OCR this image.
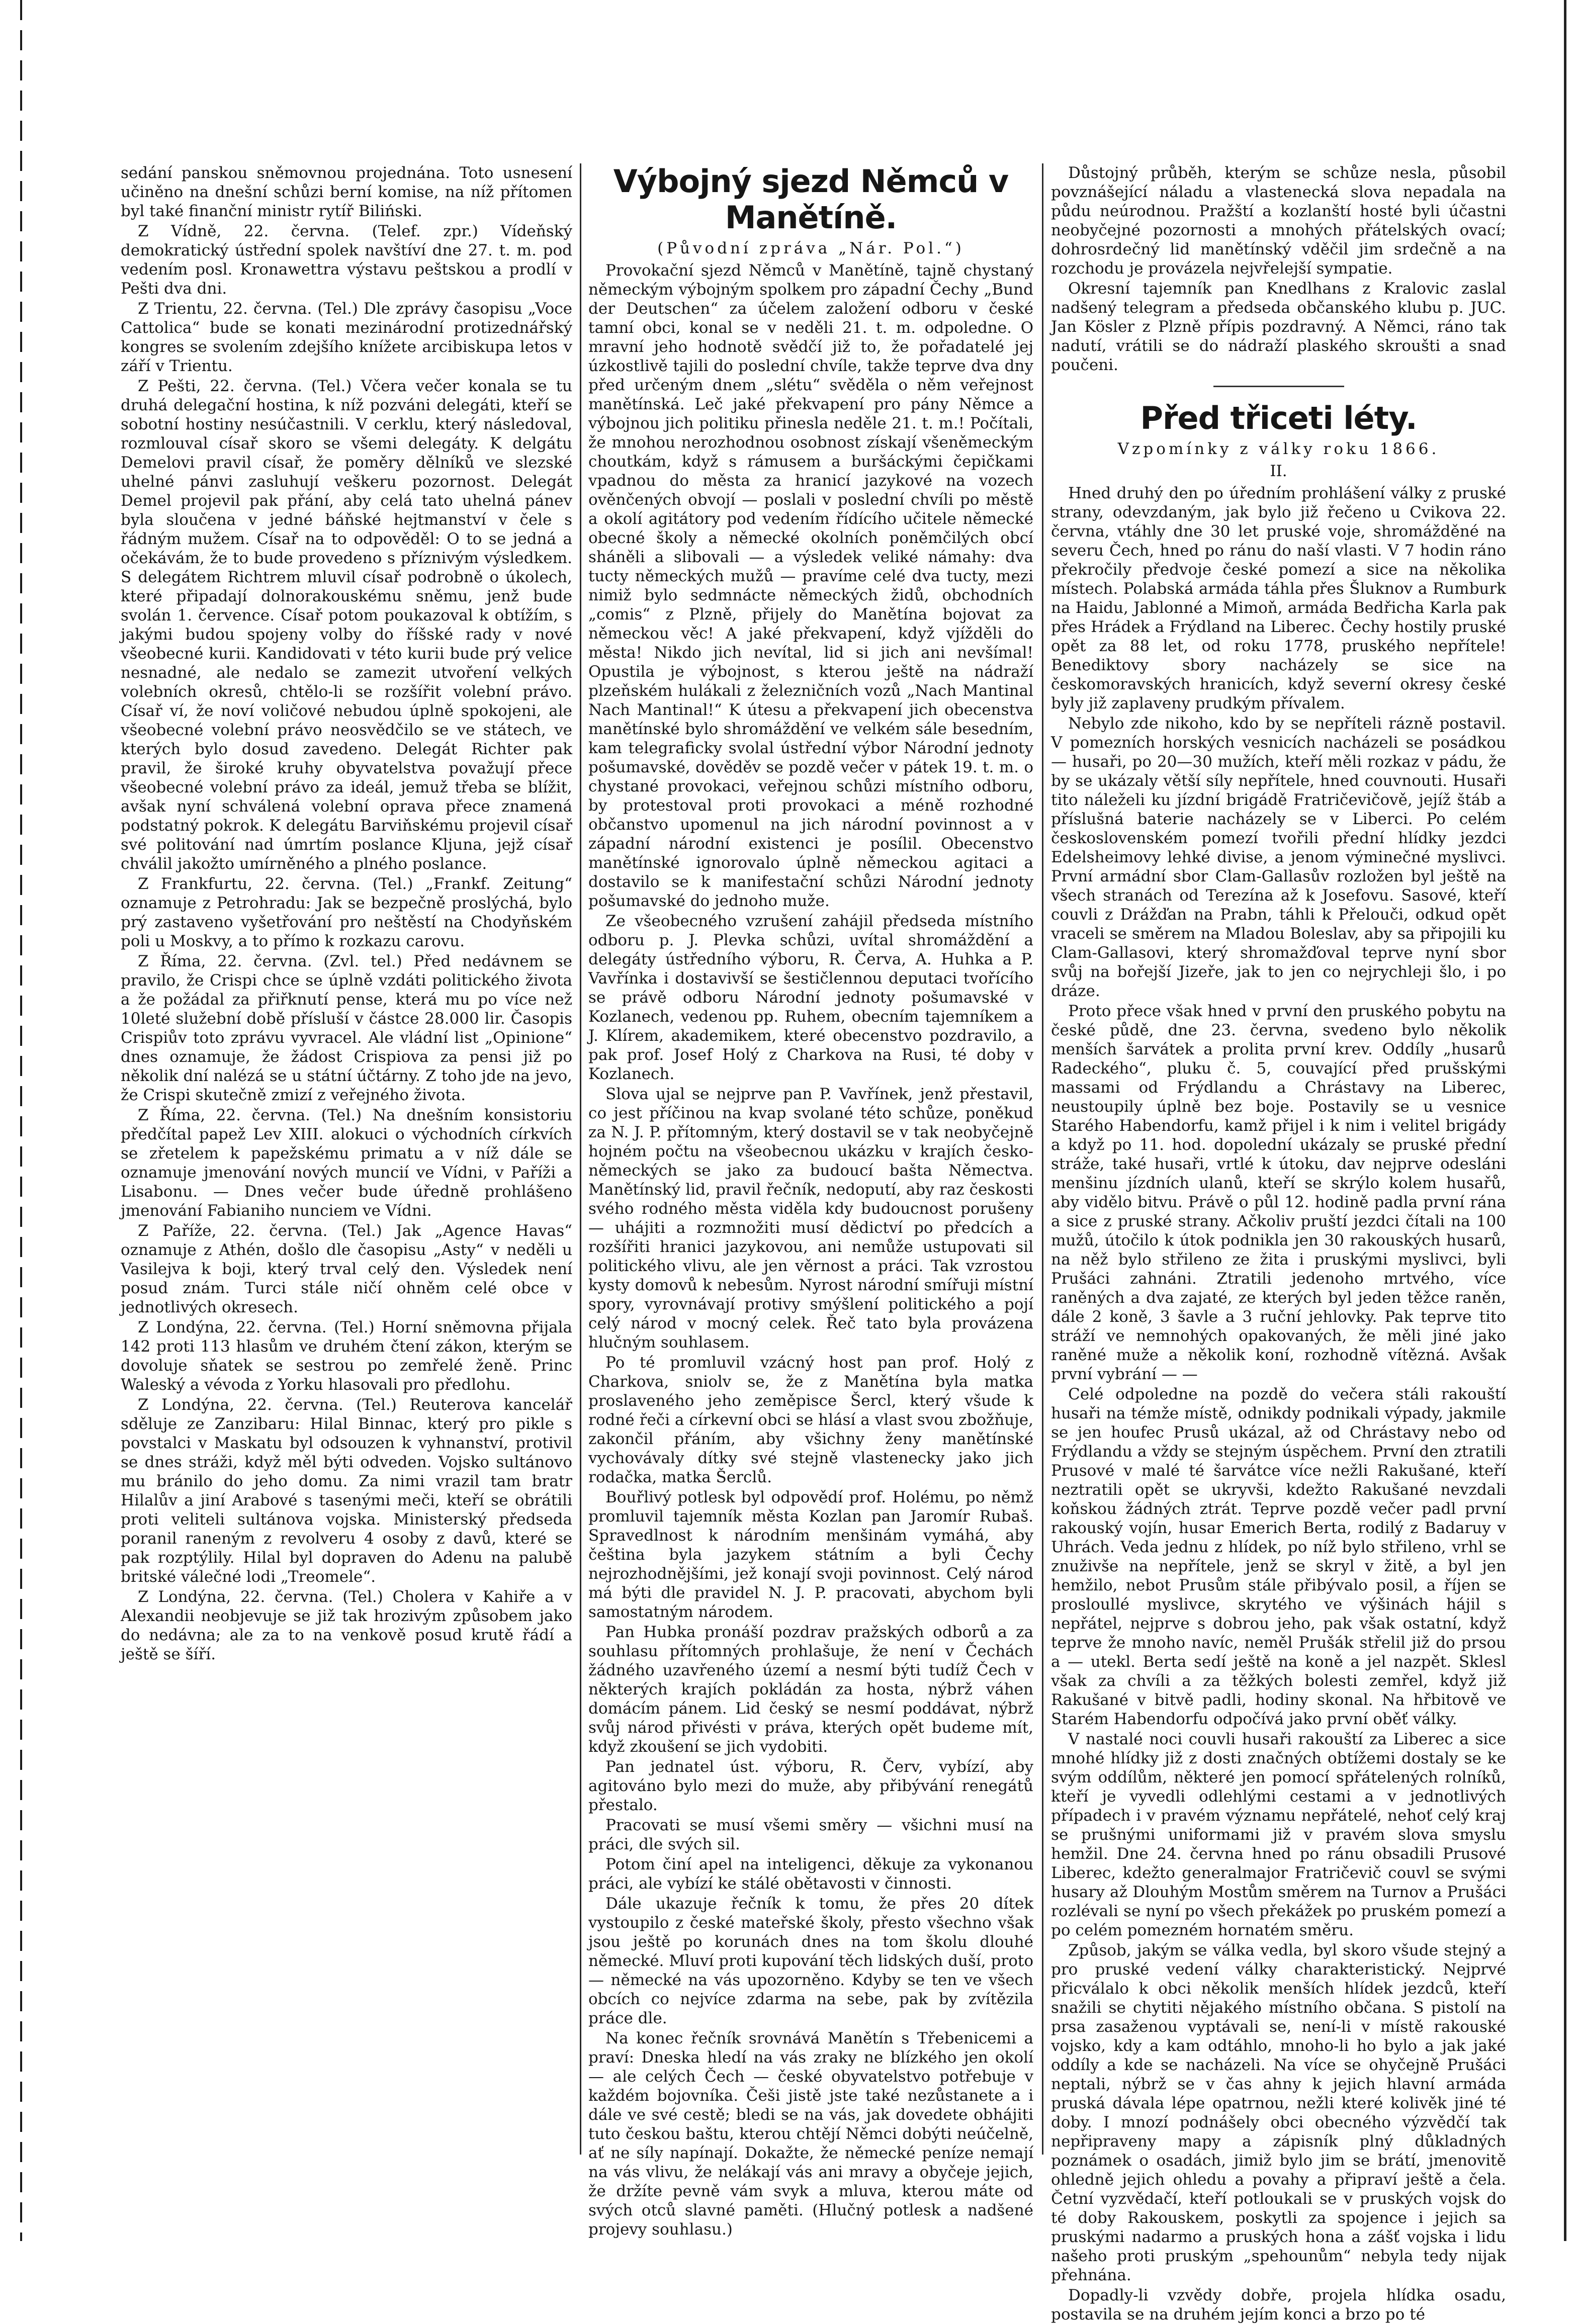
sedání panskou sněmovnou projednána. Toto usnesení učiněno na dnešní schůzi berní komise, na níž přítomen byl také finanční ministr rytíř Biliński.

Z Vídně, 22. června. (Telef. zpr.) Vídeňský demokratický ústřední spolek navštíví dne 27. t. m. pod vedením posl. Kronawettra výstavu peštskou a prodlí v Pešti dva dni.

Z Trientu, 22. června. (Tel.) Dle zprávy časopisu „Voce Cattolica“ bude se konati mezinárodní protizednářský kongres se svolením zdejšího knížete arcibiskupa letos v září v Trientu.

Z Pešti, 22. června. (Tel.) Včera večer konala se tu druhá delegační hostina, k níž pozváni delegáti, kteří se sobotní hostiny nesúčastnili. V cerklu, který následoval, rozmlouval císař skoro se všemi delegáty. K delgátu Demelovi pravil císař, že poměry dělníků ve slezské uhelné pánvi zasluhují veškeru pozornost. Delegát Demel projevil pak přání, aby celá tato uhelná pánev byla sloučena v jedné báňské hejtmanství v čele s řádným mužem. Císař na to odpověděl: O to se jedná a očekávám, že to bude provedeno s příznivým výsledkem. S delegátem Richtrem mluvil císař podrobně o úkolech, které připadají dolnorakouskému sněmu, jenž bude svolán 1. července. Císař potom poukazoval k obtížím, s jakými budou spojeny volby do říšské rady v nové všeobecné kurii. Kandidovati v této kurii bude prý velice nesnadné, ale nedalo se zamezit utvoření velkých volebních okresů, chtělo-li se rozšířit volební právo. Císař ví, že noví voličové nebudou úplně spokojeni, ale všeobecné volební právo neosvědčilo se ve státech, ve kterých bylo dosud zavedeno. Delegát Richter pak pravil, že široké kruhy obyvatelstva považují přece všeobecné volební právo za ideál, jemuž třeba se blížit, avšak nyní schválená volební oprava přece znamená podstatný pokrok. K delegátu Barviňskému projevil císař své politování nad úmrtím poslance Kljuna, jejž císař chválil jakožto umírněného a plného poslance.

Z Frankfurtu, 22. června. (Tel.) „Frankf. Zeitung“ oznamuje z Petrohradu: Jak se bezpečně proslýchá, bylo prý zastaveno vyšetřování pro neštěstí na Chodyňském poli u Moskvy, a to přímo k rozkazu carovu.

Z Říma, 22. června. (Zvl. tel.) Před nedávnem se pravilo, že Crispi chce se úplně vzdáti politického života a že požádal za přiřknutí pense, která mu po více než 10leté služební době přísluší v částce 28.000 lir. Časopis Crispiův toto zprávu vyvracel. Ale vládní list „Opinione“ dnes oznamuje, že žádost Crispiova za pensi již po několik dní nalézá se u státní účtárny. Z toho jde na jevo, že Crispi skutečně zmizí z veřejného života.

Z Říma, 22. června. (Tel.) Na dnešním konsistoriu předčítal papež Lev XIII. alokuci o východních církvích se zřetelem k papežskému primatu a v níž dále se oznamuje jmenování nových muncií ve Vídni, v Paříži a Lisabonu. — Dnes večer bude úředně prohlášeno jmenování Fabianiho nunciem ve Vídni.

Z Paříže, 22. června. (Tel.) Jak „Agence Havas“ oznamuje z Athén, došlo dle časopisu „Asty“ v neděli u Vasilejva k boji, který trval celý den. Výsledek není posud znám. Turci stále ničí ohněm celé obce v jednotlivých okresech.

Z Londýna, 22. června. (Tel.) Horní sněmovna přijala 142 proti 113 hlasům ve druhém čtení zákon, kterým se dovoluje sňatek se sestrou po zemřelé ženě. Princ Waleský a vévoda z Yorku hlasovali pro předlohu.

Z Londýna, 22. června. (Tel.) Reuterova kancelář sděluje ze Zanzibaru: Hilal Binnac, který pro pikle s povstalci v Maskatu byl odsouzen k vyhnanství, protivil se dnes stráži, když měl býti odveden. Vojsko sultánovo mu bránilo do jeho domu. Za nimi vrazil tam bratr Hilalův a jiní Arabové s tasenými meči, kteří se obrátili proti veliteli sultánova vojska. Ministerský předseda poranil raneným z revolveru 4 osoby z davů, které se pak rozptýlily. Hilal byl dopraven do Adenu na palubě britské válečné lodi „Treomele“.

Z Londýna, 22. června. (Tel.) Cholera v Kahiře a v Alexandii neobjevuje se již tak hrozivým způsobem jako do nedávna; ale za to na venkově posud krutě řádí a ještě se šíří.

Výbojný sjezd Němců v Manětíně.
(Původní zpráva „Nár. Pol.“)

Provokační sjezd Němců v Manětíně, tajně chystaný německým výbojným spolkem pro západní Čechy „Bund der Deutschen“ za účelem založení odboru v české tamní obci, konal se v neděli 21. t. m. odpoledne. O mravní jeho hodnotě svědčí již to, že pořadatelé jej úzkostlivě tajili do poslední chvíle, takže teprve dva dny před určeným dnem „slétu“ svěděla o něm veřejnost manětínská. Leč jaké překvapení pro pány Němce a výbojnou jich politiku přinesla neděle 21. t. m.! Počítali, že mnohou nerozhodnou osobnost získají všeněmeckým choutkám, když s rámusem a buršáckými čepičkami vpadnou do města za hranicí jazykové na vozech ověnčených obvojí — poslali v poslední chvíli po městě a okolí agitátory pod vedením řídícího učitele německé obecné školy a německé okolních poněmčilých obcí sháněli a slibovali — a výsledek veliké námahy: dva tucty německých mužů — pravíme celé dva tucty, mezi nimiž bylo sedmnácte německých židů, obchodních „comis“ z Plzně, přijely do Manětína bojovat za německou věc! A jaké překvapení, když vjížděli do města! Nikdo jich nevítal, lid si jich ani nevšímal! Opustila je výbojnost, s kterou ještě na nádraží plzeňském hulákali z železničních vozů „Nach Mantinal Nach Mantinal!“ K útesu a překvapení jich obecenstva manětínské bylo shromáždění ve velkém sále besedním, kam telegraficky svolal ústřední výbor Národní jednoty pošumavské, dověděv se pozdě večer v pátek 19. t. m. o chystané provokaci, veřejnou schůzi místního odboru, by protestoval proti provokaci a méně rozhodné občanstvo upomenul na jich národní povinnost a v západní národní existenci je posílil. Obecenstvo manětínské ignorovalo úplně německou agitaci a dostavilo se k manifestační schůzi Národní jednoty pošumavské do jednoho muže.

Ze všeobecného vzrušení zahájil předseda místního odboru p. J. Plevka schůzi, uvítal shromáždění a delegáty ústředního výboru, R. Červa, A. Huhka a P. Vavřínka i dostavivší se šestičlennou deputaci tvořícího se právě odboru Národní jednoty pošumavské v Kozlanech, vedenou pp. Ruhem, obecním tajemníkem a J. Klírem, akademikem, které obecenstvo pozdravilo, a pak prof. Josef Holý z Charkova na Rusi, té doby v Kozlanech.

Slova ujal se nejprve pan P. Vavřínek, jenž přestavil, co jest příčinou na kvap svolané této schůze, poněkud za N. J. P. přítomným, který dostavil se v tak neobyčejně hojném počtu na všeobecnou ukázku v krajích česko-německých se jako za budoucí bašta Němectva. Manětínský lid, pravil řečník, nedoputí, aby raz českosti svého rodného města viděla kdy budoucnost porušeny — uhájiti a rozmnožiti musí dědictví po předcích a rozšířiti hranici jazykovou, ani nemůže ustupovati sil politického vlivu, ale jen věrnost a práci. Tak vzrostou kysty domovů k nebesům. Nyrost národní smířuji místní spory, vyrovnávají protivy smýšlení politického a pojí celý národ v mocný celek. Řeč tato byla provázena hlučným souhlasem.

Po té promluvil vzácný host pan prof. Holý z Charkova, sniolv se, že z Manětína byla matka proslaveného jeho zeměpisce Šercl, který všude k rodné řeči a církevní obci se hlásí a vlast svou zbožňuje, zakončil přáním, aby všichny ženy manětínské vychovávaly dítky své stejně vlastenecky jako jich rodačka, matka Šerclů.

Bouřlivý potlesk byl odpovědí prof. Holému, po němž promluvil tajemník města Kozlan pan Jaromír Rubaš. Spravedlnost k národním menšinám vymáhá, aby čeština byla jazykem státním a byli Čechy nejrozhodnějšími, jež konají svoji povinnost. Celý národ má býti dle pravidel N. J. P. pracovati, abychom byli samostatným národem.

Pan Hubka pronáší pozdrav pražských odborů a za souhlasu přítomných prohlašuje, že není v Čechách žádného uzavřeného území a nesmí býti tudíž Čech v některých krajích pokládán za hosta, nýbrž váhen domácím pánem. Lid český se nesmí poddávat, nýbrž svůj národ přivésti v práva, kterých opět budeme mít, když zkoušení se jich vydobiti.

Pan jednatel úst. výboru, R. Červ, vybízí, aby agitováno bylo mezi do muže, aby přibývání renegátů přestalo.

Pracovati se musí všemi směry — všichni musí na práci, dle svých sil.

Potom činí apel na inteligenci, děkuje za vykonanou práci, ale vybízí ke stálé obětavosti v činnosti.

Dále ukazuje řečník k tomu, že přes 20 dítek vystoupilo z české mateřské školy, přesto všechno však jsou ještě po korunách dnes na tom školu dlouhé německé. Mluví proti kupování těch lidských duší, proto — německé na vás upozorněno. Kdyby se ten ve všech obcích co nejvíce zdarma na sebe, pak by zvítězila práce dle.

Na konec řečník srovnává Manětín s Třebenicemi a praví: Dneska hledí na vás zraky ne blízkého jen okolí — ale celých Čech — české obyvatelstvo potřebuje v každém bojovníka. Češi jistě jste také nezůstanete a i dále ve své cestě; bledi se na vás, jak dovedete obhájiti tuto českou baštu, kterou chtějí Němci dobýti neúčelně, ať ne síly napínají. Dokažte, že německé peníze nemají na vás vlivu, že nelákají vás ani mravy a obyčeje jejich, že držíte pevně vám svyk a mluva, kterou máte od svých otců slavné paměti. (Hlučný potlesk a nadšené projevy souhlasu.)

Důstojný průběh, kterým se schůze nesla, působil povznášející náladu a vlastenecká slova nepadala na půdu neúrodnou. Pražští a kozlanští hosté byli účastni neobyčejné pozornosti a mnohých přátelských ovací; dohrosrdečný lid manětínský vděčil jim srdečně a na rozchodu je provázela nejvřelejší sympatie.

Okresní tajemník pan Knedlhans z Kralovic zaslal nadšený telegram a předseda občanského klubu p. JUC. Jan Kösler z Plzně přípis pozdravný. A Němci, ráno tak nadutí, vrátili se do nádraží plaského skroušti a snad poučeni.

Před třiceti léty.
Vzpomínky z války roku 1866.
II.

Hned druhý den po úředním prohlášení války z pruské strany, odevzdaným, jak bylo již řečeno u Cvikova 22. června, vtáhly dne 30 let pruské voje, shromážděné na severu Čech, hned po ránu do naší vlasti. V 7 hodin ráno překročily předvoje české pomezí a sice na několika místech. Polabská armáda táhla přes Šluknov a Rumburk na Haidu, Jablonné a Mimoň, armáda Bedřicha Karla pak přes Hrádek a Frýdland na Liberec. Čechy hostily pruské opět za 88 let, od roku 1778, pruského nepřítele! Benediktovy sbory nacházely se sice na českomoravských hranicích, když severní okresy české byly již zaplaveny prudkým přívalem.

Nebylo zde nikoho, kdo by se nepříteli rázně postavil. V pomezních horských vesnicích nacházeli se posádkou — husaři, po 20—30 mužích, kteří měli rozkaz v pádu, že by se ukázaly větší síly nepřítele, hned couvnouti. Husaři tito náleželi ku jízdní brigádě Fratričevičově, jejíž štáb a příslušná baterie nacházely se v Liberci. Po celém československém pomezí tvořili přední hlídky jezdci Edelsheimovy lehké divise, a jenom výminečné myslivci. První armádní sbor Clam-Gallasův rozložen byl ještě na všech stranách od Terezína až k Josefovu. Sasové, kteří couvli z Drážďan na Prabn, táhli k Přelouči, odkud opět vraceli se směrem na Mladou Boleslav, aby sa připojili ku Clam-Gallasovi, který shromažďoval teprve nyní sbor svůj na bořejší Jizeře, jak to jen co nejrychleji šlo, i po dráze.

Proto přece však hned v první den pruského pobytu na české půdě, dne 23. června, svedeno bylo několik menších šarvátek a prolita první krev. Oddíly „husarů Radeckého“, pluku č. 5, couvající před prušskými massami od Frýdlandu a Chrástavy na Liberec, neustoupily úplně bez boje. Postavily se u vesnice Starého Habendorfu, kamž přijel i k nim i velitel brigády a když po 11. hod. dopolední ukázaly se pruské přední stráže, také husaři, vrtlé k útoku, dav nejprve odesláni menšinu jízdních ulanů, kteří se skrýlo kolem husařů, aby vidělo bitvu. Právě o půl 12. hodině padla první rána a sice z pruské strany. Ačkoliv pruští jezdci čítali na 100 mužů, útočilo k útok podnikla jen 30 rakouských husarů, na něž bylo střileno ze žita i pruskými myslivci, byli Prušáci zahnáni. Ztratili jedenoho mrtvého, více raněných a dva zajaté, ze kterých byl jeden těžce raněn, dále 2 koně, 3 šavle a 3 ruční jehlovky. Pak teprve tito stráží ve nemnohých opakovaných, že měli jiné jako raněné muže a několik koní, rozhodně vítězná. Avšak první vybrání — —

Celé odpoledne na pozdě do večera stáli rakouští husaři na témže místě, odnikdy podnikali výpady, jakmile se jen houfec Prusů ukázal, až od Chrástavy nebo od Frýdlandu a vždy se stejným úspěchem. První den ztratili Prusové v malé té šarvátce více nežli Rakušané, kteří neztratili opět se ukryvši, kdežto Rakušané nevzdali koňskou žádných ztrát. Teprve pozdě večer padl první rakouský vojín, husar Emerich Berta, rodilý z Badaruy v Uhrách. Veda jednu z hlídek, po níž bylo střileno, vrhl se znuživše na nepřítele, jenž se skryl v žitě, a byl jen hemžilo, nebot Prusům stále přibývalo posil, a říjen se prosloullé myslivce, skrytého ve výšinách hájil s nepřátel, nejprve s dobrou jeho, pak však ostatní, když teprve že mnoho navíc, neměl Prušák střelil již do prsou a — utekl. Berta sedí ještě na koně a jel nazpět. Sklesl však za chvíli a za těžkých bolesti zemřel, když již Rakušané v bitvě padli, hodiny skonal. Na hřbitově ve Starém Habendorfu odpočívá jako první oběť války.

V nastalé noci couvli husaři rakouští za Liberec a sice mnohé hlídky již z dosti značných obtížemi dostaly se ke svým oddílům, některé jen pomocí spřátelených rolníků, kteří je vyvedli odlehlými cestami a v jednotlivých případech i v pravém významu nepřátelé, nehoť celý kraj se prušnými uniformami již v pravém slova smyslu hemžil. Dne 24. června hned po ránu obsadili Prusové Liberec, kdežto generalmajor Fratričevič couvl se svými husary až Dlouhým Mostům směrem na Turnov a Prušáci rozlévali se nyní po všech překážek po pruském pomezí a po celém pomezném hornatém směru.

Způsob, jakým se válka vedla, byl skoro všude stejný a pro pruské vedení války charakteristický. Nejprvé přicválalo k obci několik menších hlídek jezdců, kteří snažili se chytiti nějakého místního občana. S pistolí na prsa zasaženou vyptávali se, není-li v místě rakouské vojsko, kdy a kam odtáhlo, mnoho-li ho bylo a jak jaké oddíly a kde se nacházeli. Na více se ohyčejně Prušáci neptali, nýbrž se v čas ahny k jejich hlavní armáda pruská dávala lépe opatrnou, nežli které kolivěk jiné té doby. I mnozí podnášely obci obecného výzvědčí tak nepřipraveny mapy a zápisník plný důkladných poznámek o osadách, jimiž bylo jim se brátí, jmenovitě ohledně jejich ohledu a povahy a připraví ještě a čela. Četní vyzvědačí, kteří potloukali se v pruských vojsk do té doby Rakouskem, poskytli za spojence i jejich sa pruskými nadarmo a pruských hona a zášť vojska i lidu našeho proti pruským „spehounům“ nebyla tedy nijak přehnána.

Dopadly-li vzvědy dobře, projela hlídka osadu, postavila se na druhém jejím konci a brzo po té
